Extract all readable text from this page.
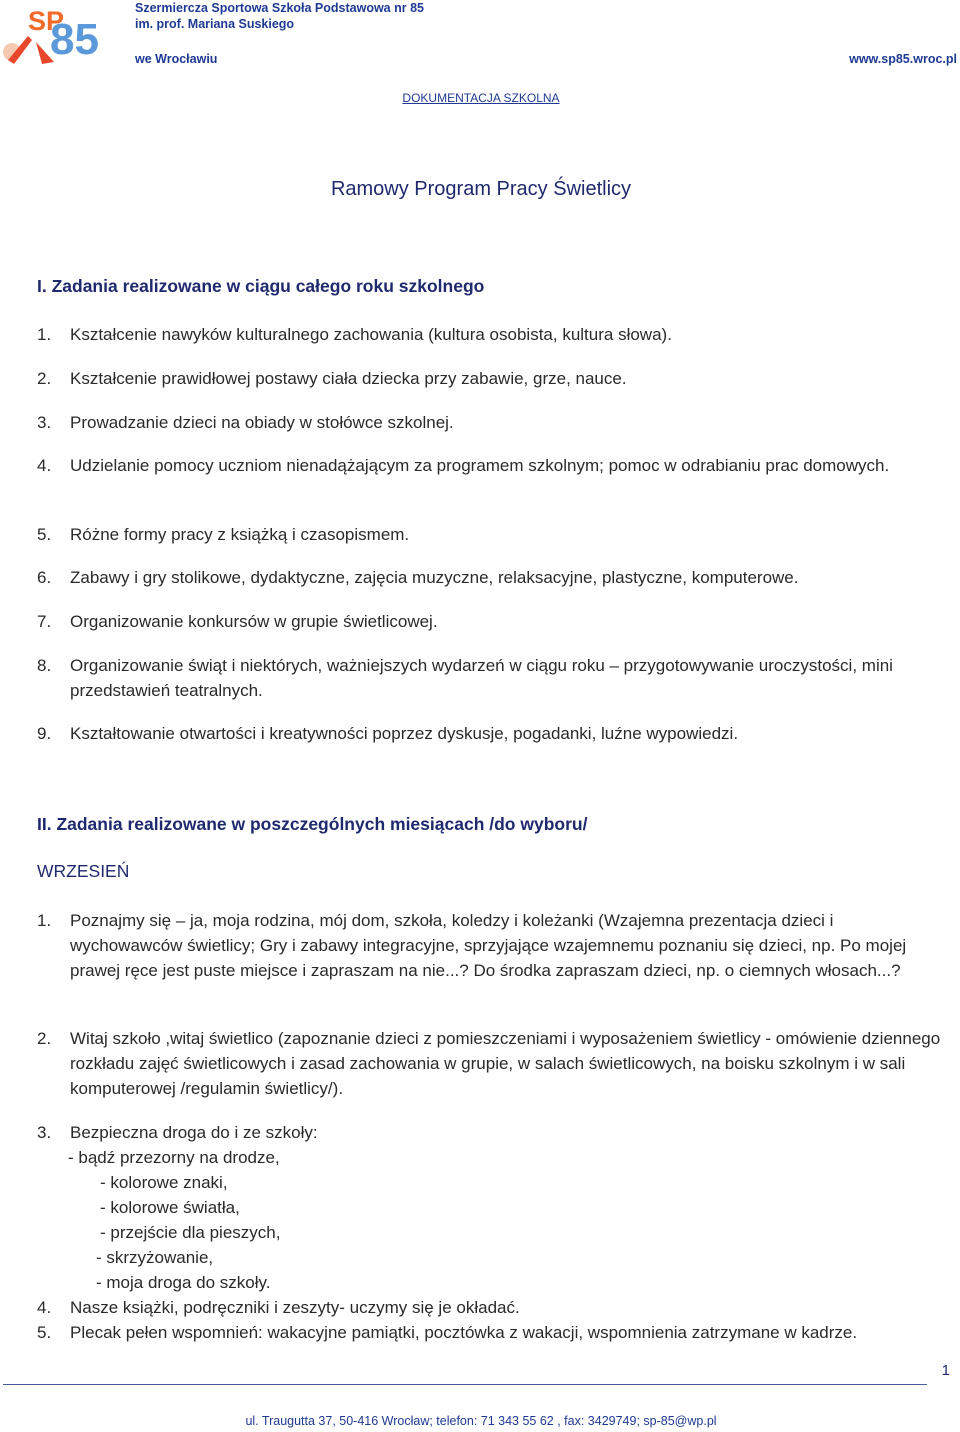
SP
85
Szermiercza Sportowa Szkoła Podstawowa nr 85
im. prof. Mariana Suskiego
we Wrocławiu	www.sp85.wroc.pl
DOKUMENTACJA SZKOLNA
Ramowy Program Pracy Świetlicy
I. Zadania realizowane w ciągu całego roku szkolnego
1.	Kształcenie nawyków kulturalnego zachowania (kultura osobista, kultura słowa).
2.	Kształcenie prawidłowej postawy ciała dziecka przy zabawie, grze, nauce.
3.	Prowadzanie dzieci na obiady w stołówce szkolnej.
4.	Udzielanie pomocy uczniom nienadążającym za programem szkolnym; pomoc w odrabianiu prac domowych.
5.	Różne formy pracy z książką i czasopismem.
6.	Zabawy i gry stolikowe, dydaktyczne, zajęcia muzyczne, relaksacyjne, plastyczne, komputerowe.
7.	Organizowanie konkursów w grupie świetlicowej.
8.	Organizowanie świąt i niektórych, ważniejszych wydarzeń w ciągu roku – przygotowywanie uroczystości, mini przedstawień teatralnych.
9.	Kształtowanie otwartości i kreatywności poprzez dyskusje, pogadanki, luźne wypowiedzi.
II. Zadania realizowane w poszczególnych miesiącach /do wyboru/
WRZESIEŃ
1.	Poznajmy się – ja, moja rodzina, mój dom, szkoła, koledzy i koleżanki (Wzajemna prezentacja dzieci i wychowawców świetlicy; Gry i zabawy integracyjne, sprzyjające wzajemnemu poznaniu się dzieci, np. Po mojej prawej ręce jest puste miejsce i zapraszam na nie...? Do środka zapraszam dzieci, np. o ciemnych włosach...?
2.	Witaj szkoło ,witaj świetlico (zapoznanie dzieci z pomieszczeniami i wyposażeniem świetlicy - omówienie dziennego rozkładu zajęć świetlicowych i zasad zachowania w grupie, w salach świetlicowych, na boisku szkolnym i w sali komputerowej /regulamin świetlicy/).
3.	Bezpieczna droga do i ze szkoły:
- bądź przezorny na drodze,
- kolorowe znaki,
- kolorowe światła,
- przejście dla pieszych,
- skrzyżowanie,
- moja droga do szkoły.
4.	Nasze książki, podręczniki i zeszyty- uczymy się je okładać.
5.	Plecak pełen wspomnień: wakacyjne pamiątki, pocztówka z wakacji, wspomnienia zatrzymane w kadrze.
1
ul. Traugutta 37, 50-416 Wrocław; telefon: 71 343 55 62 , fax: 3429749; sp-85@wp.pl
